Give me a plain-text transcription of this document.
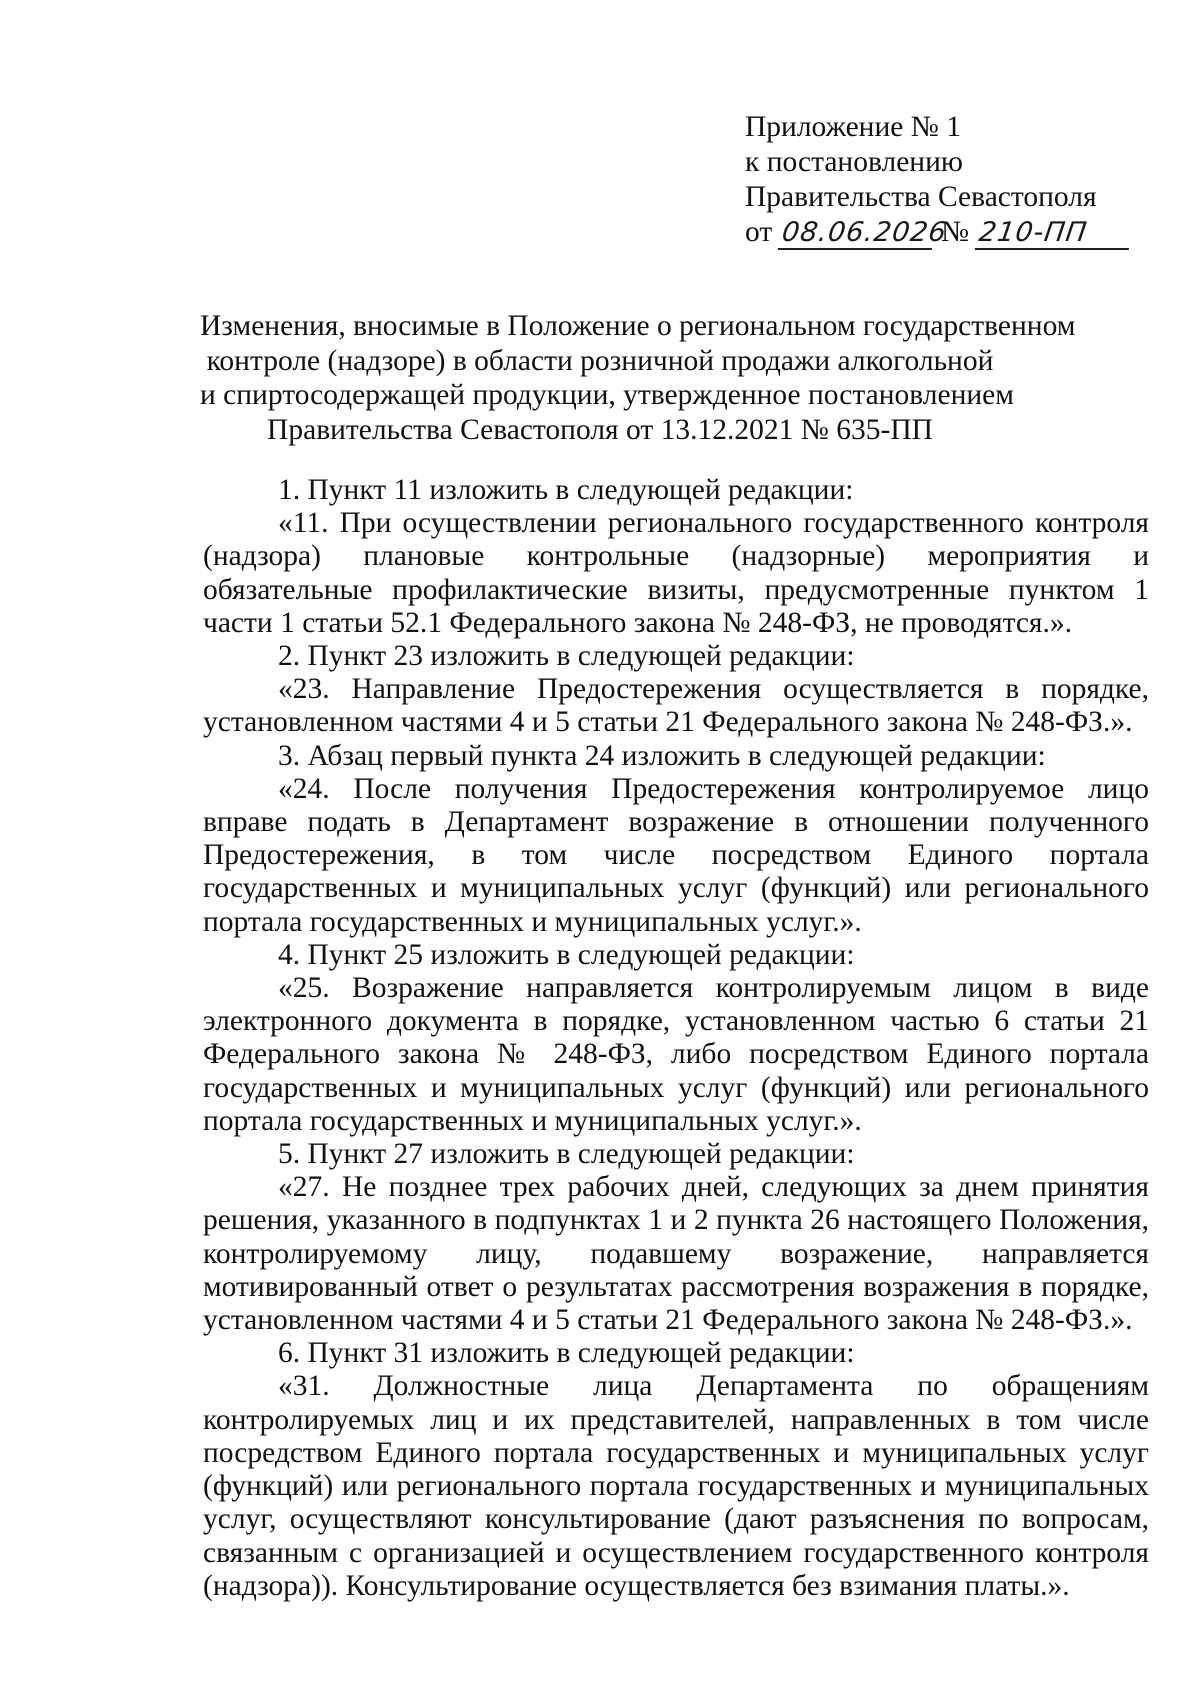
Приложение № 1
к постановлению
Правительства Севастополя
от 08.06.2026 № 210-ПП
Изменения, вносимые в Положение о региональном государственном
контроле (надзоре) в области розничной продажи алкогольной
и спиртосодержащей продукции, утвержденное постановлением
Правительства Севастополя от 13.12.2021 № 635-ПП

1. Пункт 11 изложить в следующей редакции:

«11. При осуществлении регионального государственного контроля (надзора) плановые контрольные (надзорные) мероприятия и обязательные профилактические визиты, предусмотренные пунктом 1 части 1 статьи 52.1 Федерального закона № 248-ФЗ, не проводятся.».

2. Пункт 23 изложить в следующей редакции:

«23. Направление Предостережения осуществляется в порядке, установленном частями 4 и 5 статьи 21 Федерального закона № 248-ФЗ.».

3. Абзац первый пункта 24 изложить в следующей редакции:

«24. После получения Предостережения контролируемое лицо вправе подать в Департамент возражение в отношении полученного Предостережения, в том числе посредством Единого портала государственных и муниципальных услуг (функций) или регионального портала государственных и муниципальных услуг.».

4. Пункт 25 изложить в следующей редакции:

«25. Возражение направляется контролируемым лицом в виде электронного документа в порядке, установленном частью 6 статьи 21 Федерального закона № 248-ФЗ, либо посредством Единого портала государственных и муниципальных услуг (функций) или регионального портала государственных и муниципальных услуг.».

5. Пункт 27 изложить в следующей редакции:

«27. Не позднее трех рабочих дней, следующих за днем принятия решения, указанного в подпунктах 1 и 2 пункта 26 настоящего Положения, контролируемому лицу, подавшему возражение, направляется мотивированный ответ о результатах рассмотрения возражения в порядке, установленном частями 4 и 5 статьи 21 Федерального закона № 248-ФЗ.».

6. Пункт 31 изложить в следующей редакции:

«31. Должностные лица Департамента по обращениям контролируемых лиц и их представителей, направленных в том числе посредством Единого портала государственных и муниципальных услуг (функций) или регионального портала государственных и муниципальных услуг, осуществляют консультирование (дают разъяснения по вопросам, связанным с организацией и осуществлением государственного контроля (надзора)). Консультирование осуществляется без взимания платы.».
